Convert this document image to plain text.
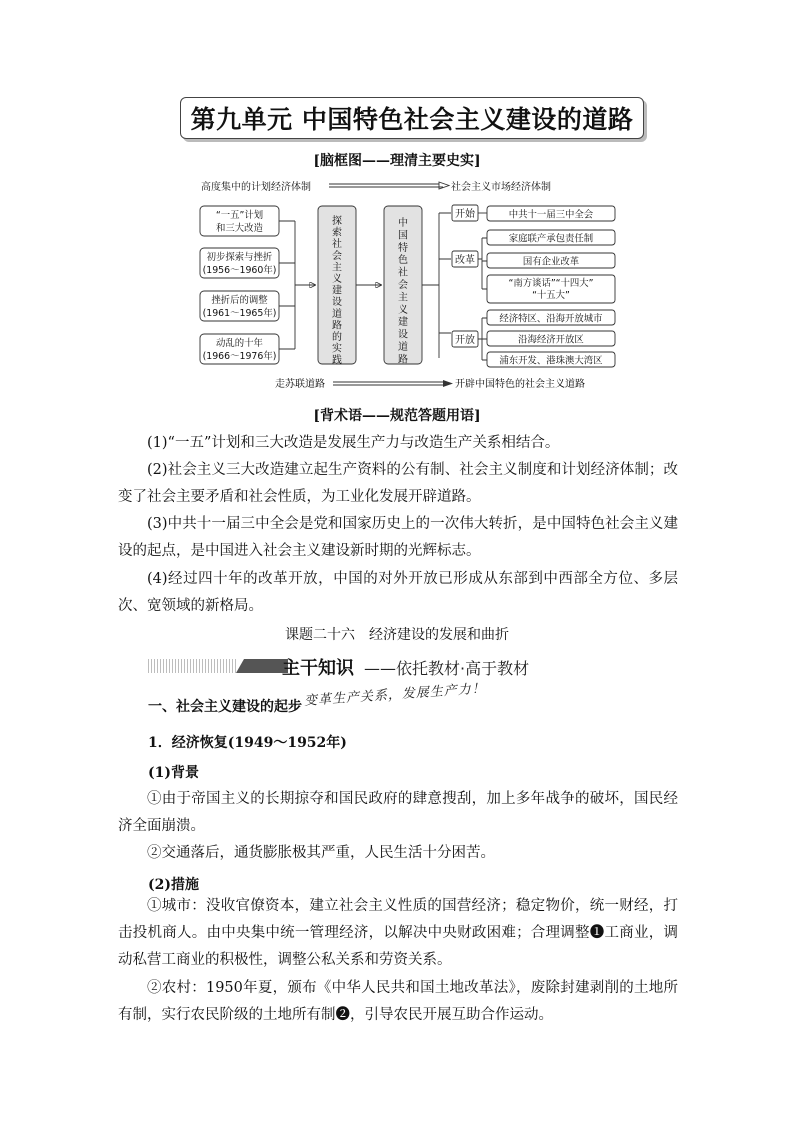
第九单元 中国特色社会主义建设的道路
[脑框图——理清主要史实]
高度集中的计划经济体制	社会主义市场经济体制
“一五”计划
和三大改造
初步探索与挫折
(1956～1960年)
挫折后的调整
(1961～1965年)
动乱的十年
(1966～1976年)
探
索
社
会
主
义
建
设
道
路
的
实
践
中
国
特
色
社
会
主
义
建
设
道
路
开始
改革
开放
中共十一届三中全会
家庭联产承包责任制
国有企业改革
“南方谈话”“十四大”
“十五大”
经济特区、沿海开放城市
沿海经济开放区
浦东开发、港珠澳大湾区
走苏联道路	开辟中国特色的社会主义道路
[背术语——规范答题用语]

(1)“一五”计划和三大改造是发展生产力与改造生产关系相结合。

(2)社会主义三大改造建立起生产资料的公有制、社会主义制度和计划经济体制；改变了社会主要矛盾和社会性质，为工业化发展开辟道路。

(3)中共十一届三中全会是党和国家历史上的一次伟大转折，是中国特色社会主义建设的起点，是中国进入社会主义建设新时期的光辉标志。

(4)经过四十年的改革开放，中国的对外开放已形成从东部到中西部全方位、多层次、宽领域的新格局。

课题二十六　经济建设的发展和曲折
主干知识 ——依托教材·高于教材
一、社会主义建设的起步 变革生产关系，发展生产力！
1．经济恢复(1949～1952年)
(1)背景

①由于帝国主义的长期掠夺和国民政府的肆意搜刮，加上多年战争的破坏，国民经济全面崩溃。

②交通落后，通货膨胀极其严重，人民生活十分困苦。

(2)措施

①城市：没收官僚资本，建立社会主义性质的国营经济；稳定物价，统一财经，打击投机商人。由中央集中统一管理经济，以解决中央财政困难；合理调整❶工商业，调动私营工商业的积极性，调整公私关系和劳资关系。

②农村：1950年夏，颁布《中华人民共和国土地改革法》，废除封建剥削的土地所有制，实行农民阶级的土地所有制❷，引导农民开展互助合作运动。
